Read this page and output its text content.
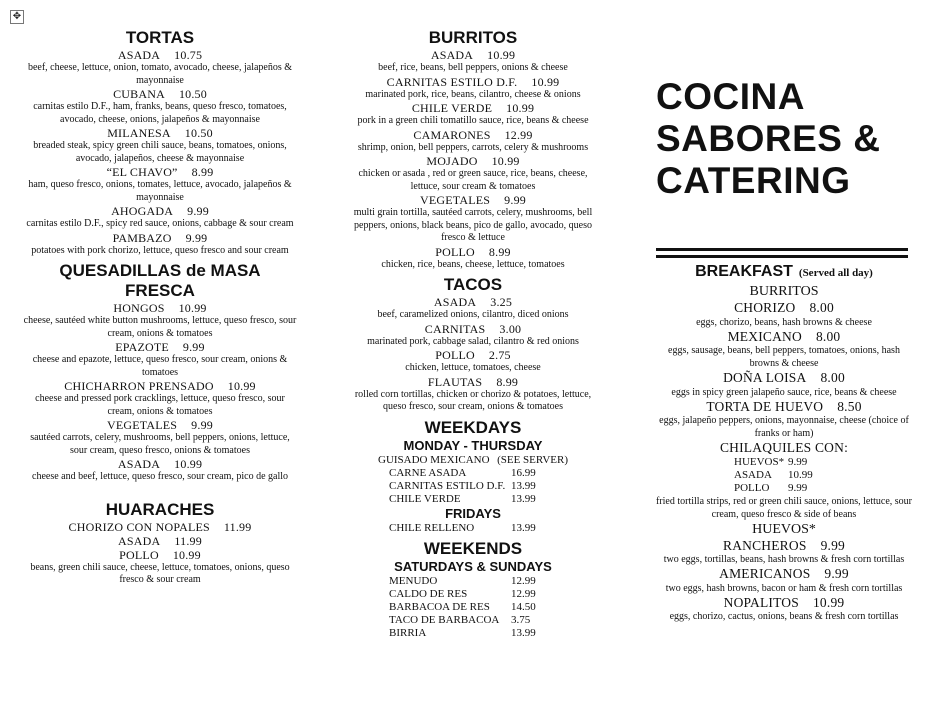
✥
TORTAS
ASADA 10.75
beef, cheese, lettuce, onion, tomato, avocado, cheese, jalapeños & mayonnaise
CUBANA 10.50
carnitas estilo D.F., ham, franks, beans, queso fresco, tomatoes, avocado, cheese, onions, jalapeños & mayonnaise
MILANESA 10.50
breaded steak, spicy green chili sauce, beans, tomatoes, onions, avocado, jalapeños, cheese & mayonnaise
“EL CHAVO” 8.99
ham, queso fresco, onions, tomates, lettuce, avocado, jalapeños & mayonnaise
AHOGADA 9.99
carnitas estilo D.F., spicy red sauce, onions, cabbage & sour cream
PAMBAZO 9.99
potatoes with pork chorizo, lettuce, queso fresco and sour cream
QUESADILLAS de MASA
FRESCA
HONGOS 10.99
cheese, sautéed white button mushrooms, lettuce, queso fresco, sour cream, onions & tomatoes
EPAZOTE 9.99
cheese and epazote, lettuce, queso fresco, sour cream, onions & tomatoes
CHICHARRON PRENSADO 10.99
cheese and pressed pork cracklings, lettuce, queso fresco, sour cream, onions & tomatoes
VEGETALES 9.99
sautéed carrots, celery, mushrooms, bell peppers, onions, lettuce, sour cream, queso fresco, onions & tomatoes
ASADA 10.99
cheese and beef, lettuce, queso fresco, sour cream, pico de gallo
HUARACHES
CHORIZO CON NOPALES 11.99
ASADA 11.99
POLLO 10.99
beans, green chili sauce, cheese, lettuce, tomatoes, onions, queso fresco & sour cream
BURRITOS
ASADA 10.99
beef, rice, beans, bell peppers, onions & cheese
CARNITAS ESTILO D.F. 10.99
marinated pork, rice, beans, cilantro, cheese & onions
CHILE VERDE 10.99
pork in a green chili tomatillo sauce, rice, beans & cheese
CAMARONES 12.99
shrimp, onion, bell peppers, carrots, celery & mushrooms
MOJADO 10.99
chicken or asada , red or green sauce, rice, beans, cheese, lettuce, sour cream & tomatoes
VEGETALES 9.99
multi grain tortilla, sautéed carrots, celery, mushrooms, bell peppers, onions, black beans, pico de gallo, avocado, queso fresco & lettuce
POLLO 8.99
chicken, rice, beans, cheese, lettuce, tomatoes
TACOS
ASADA 3.25
beef, caramelized onions, cilantro, diced onions
CARNITAS 3.00
marinated pork, cabbage salad, cilantro & red onions
POLLO 2.75
chicken, lettuce, tomatoes, cheese
FLAUTAS 8.99
rolled corn tortillas, chicken or chorizo & potatoes, lettuce, queso fresco, sour cream, onions & tomatoes
WEEKDAYS
MONDAY - THURSDAY
GUISADO MEXICANO (SEE SERVER)
CARNE ASADA	16.99
CARNITAS ESTILO D.F. 13.99
CHILE VERDE	13.99
FRIDAYS
CHILE RELLENO	13.99
WEEKENDS
SATURDAYS & SUNDAYS
MENUDO	12.99
CALDO DE RES	12.99
BARBACOA DE RES 14.50
TACO DE BARBACOA 3.75
BIRRIA	13.99
COCINA
SABORES &
CATERING
BREAKFAST (Served all day)
BURRITOS
CHORIZO 8.00
eggs, chorizo, beans, hash browns & cheese
MEXICANO 8.00
eggs, sausage, beans, bell peppers, tomatoes, onions, hash browns & cheese
DOÑA LOISA 8.00
eggs in spicy green jalapeño sauce, rice, beans & cheese
TORTA DE HUEVO 8.50
eggs, jalapeño peppers, onions, mayonnaise, cheese (choice of franks or ham)
CHILAQUILES CON:
HUEVOS* 9.99
ASADA 10.99
POLLO 9.99
fried tortilla strips, red or green chili sauce, onions, lettuce, sour cream, queso fresco & side of beans
HUEVOS*
RANCHEROS 9.99
two eggs, tortillas, beans, hash browns & fresh corn tortillas
AMERICANOS 9.99
two eggs, hash browns, bacon or ham & fresh corn tortillas
NOPALITOS 10.99
eggs, chorizo, cactus, onions, beans & fresh corn tortillas
